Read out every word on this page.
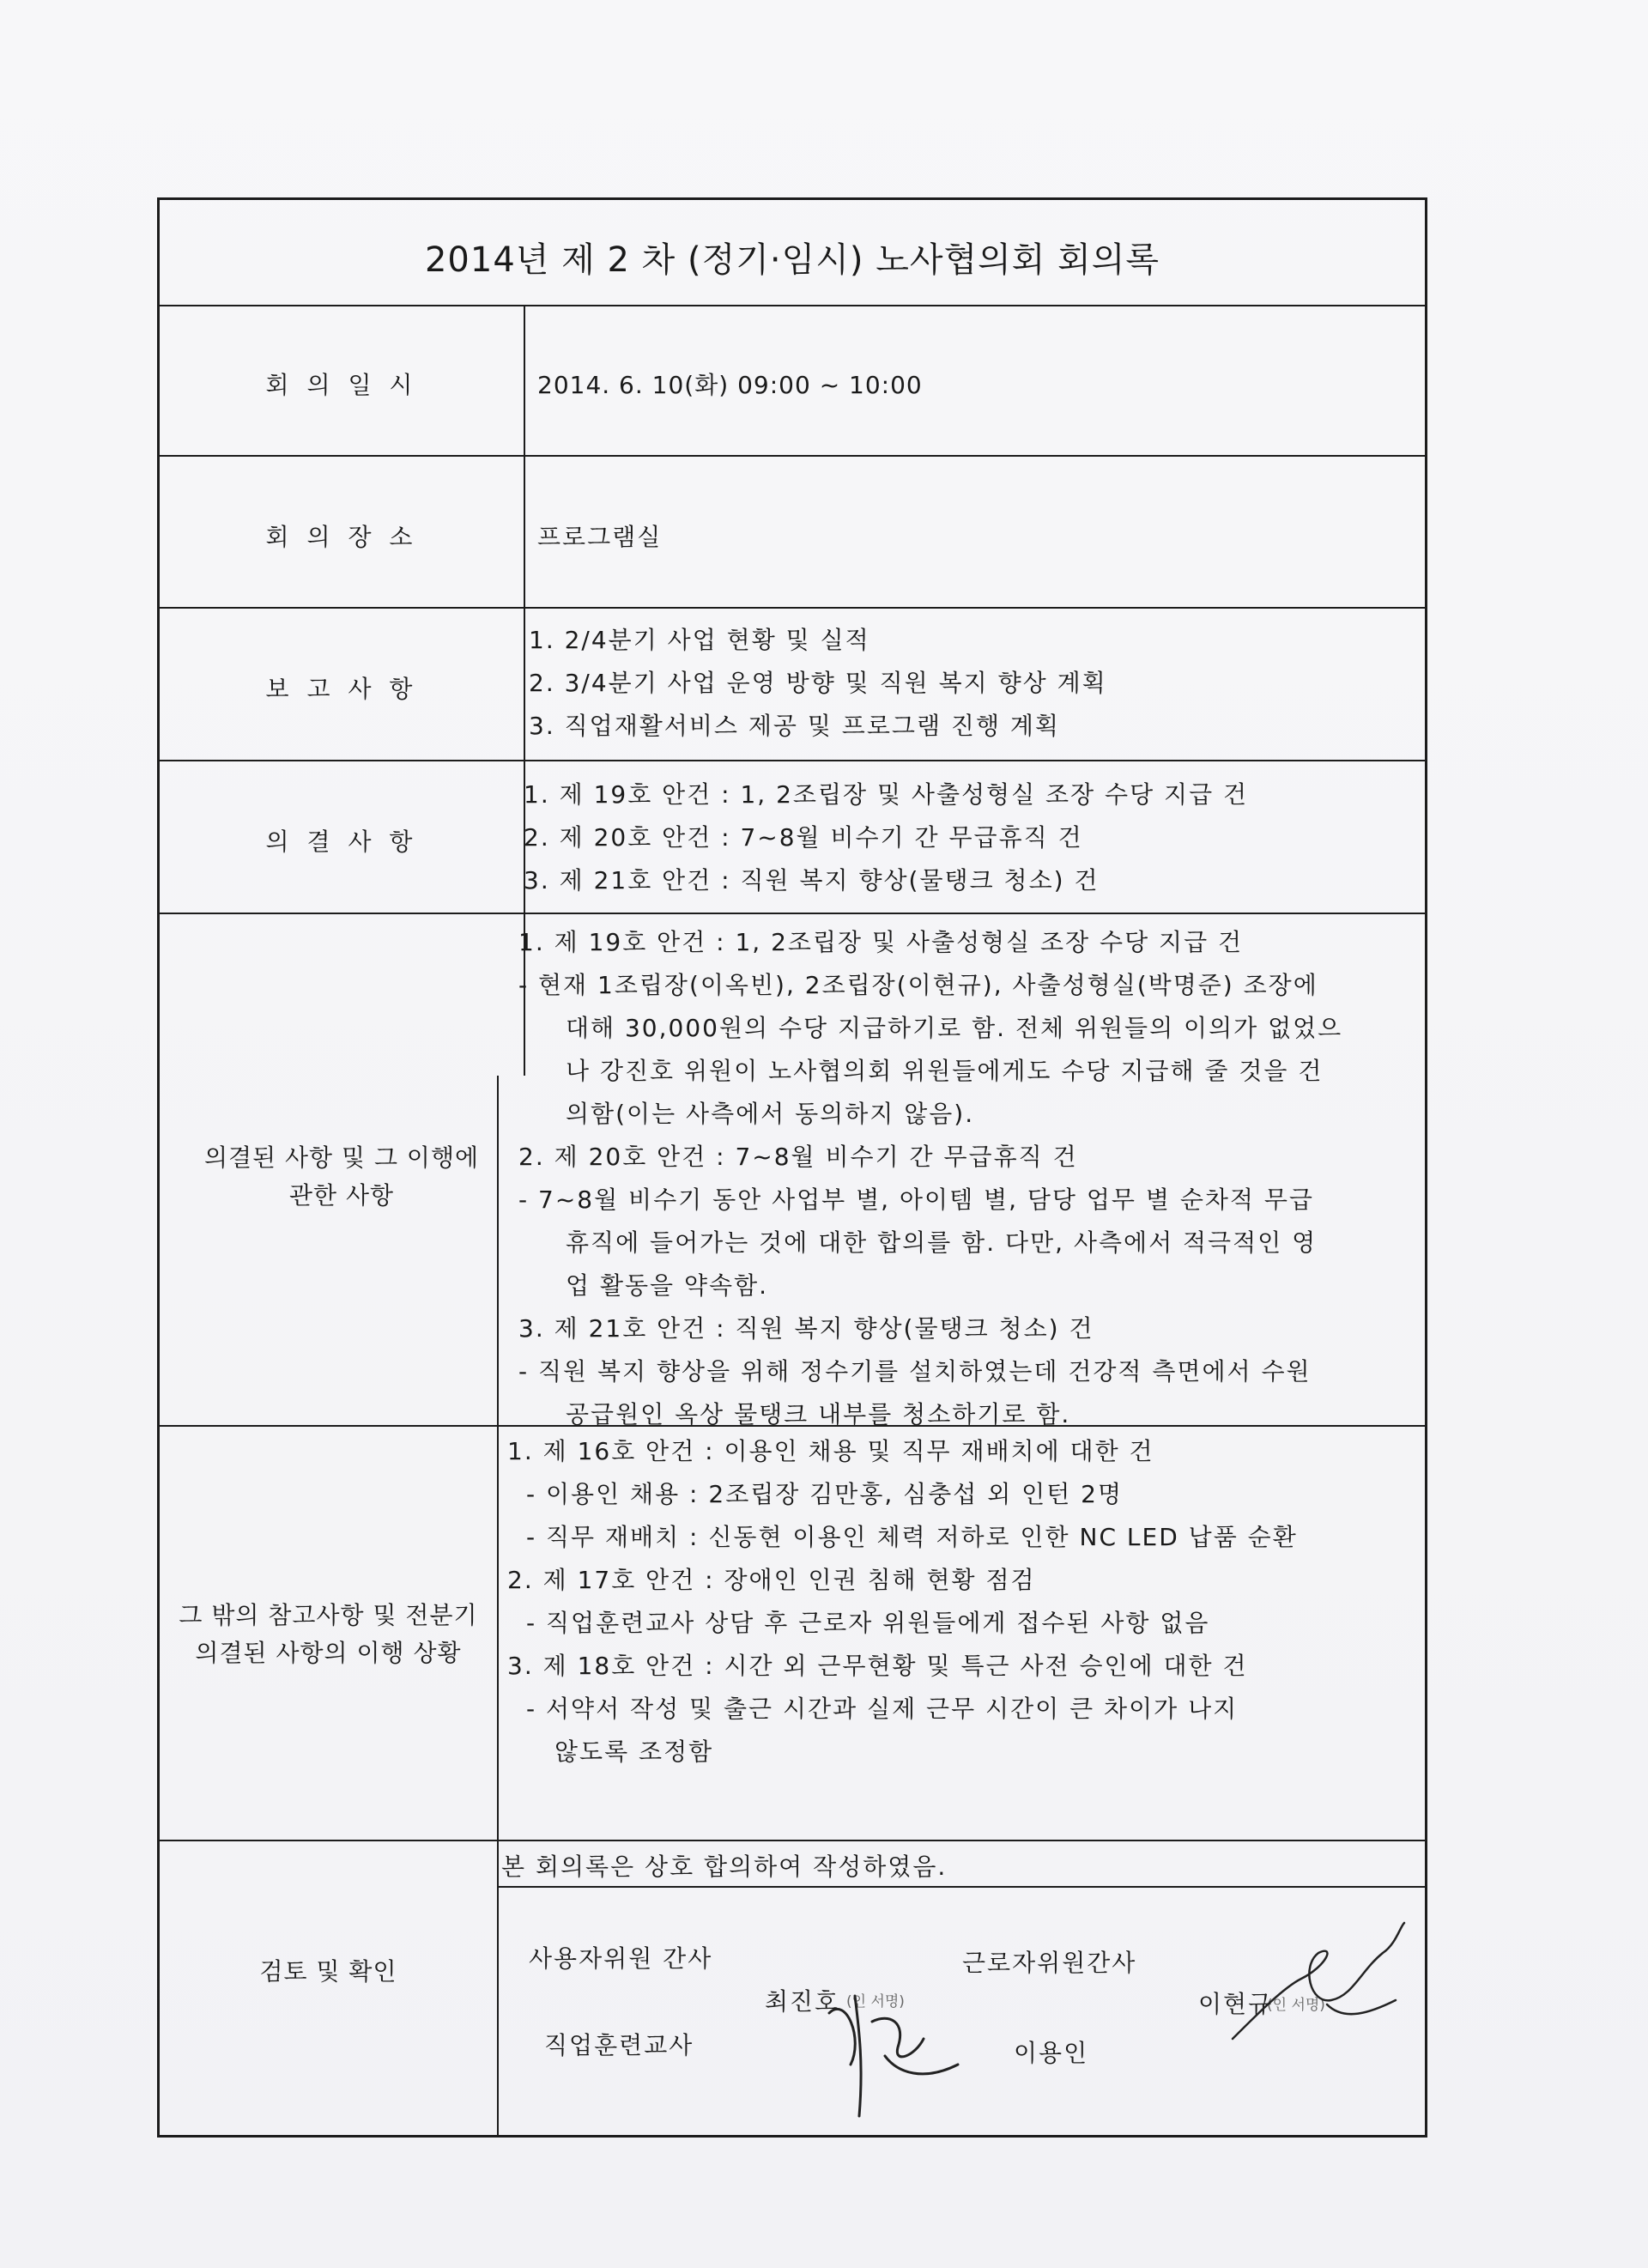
2014년 제 2 차 (정기·임시) 노사협의회 회의록
회 의 일 시	2014. 6. 10(화) 09:00 ~ 10:00
회 의 장 소	프로그램실
보 고 사 항
1. 2/4분기 사업 현황 및 실적
2. 3/4분기 사업 운영 방향 및 직원 복지 향상 계획
3. 직업재활서비스 제공 및 프로그램 진행 계획
의 결 사 항
1. 제 19호 안건 : 1, 2조립장 및 사출성형실 조장 수당 지급 건
2. 제 20호 안건 : 7~8월 비수기 간 무급휴직 건
3. 제 21호 안건 : 직원 복지 향상(물탱크 청소) 건
의결된 사항 및 그 이행에
관한 사항
1. 제 19호 안건 : 1, 2조립장 및 사출성형실 조장 수당 지급 건
- 현재 1조립장(이옥빈), 2조립장(이현규), 사출성형실(박명준) 조장에
대해 30,000원의 수당 지급하기로 함. 전체 위원들의 이의가 없었으
나 강진호 위원이 노사협의회 위원들에게도 수당 지급해 줄 것을 건
의함(이는 사측에서 동의하지 않음).
2. 제 20호 안건 : 7~8월 비수기 간 무급휴직 건
- 7~8월 비수기 동안 사업부 별, 아이템 별, 담당 업무 별 순차적 무급
휴직에 들어가는 것에 대한 합의를 함. 다만, 사측에서 적극적인 영
업 활동을 약속함.
3. 제 21호 안건 : 직원 복지 향상(물탱크 청소) 건
- 직원 복지 향상을 위해 정수기를 설치하였는데 건강적 측면에서 수원
공급원인 옥상 물탱크 내부를 청소하기로 함.
그 밖의 참고사항 및 전분기
의결된 사항의 이행 상황
1. 제 16호 안건 : 이용인 채용 및 직무 재배치에 대한 건
- 이용인 채용 : 2조립장 김만홍, 심충섭 외 인턴 2명
- 직무 재배치 : 신동현 이용인 체력 저하로 인한 NC LED 납품 순환
2. 제 17호 안건 : 장애인 인권 침해 현황 점검
- 직업훈련교사 상담 후 근로자 위원들에게 접수된 사항 없음
3. 제 18호 안건 : 시간 외 근무현황 및 특근 사전 승인에 대한 건
- 서약서 작성 및 출근 시간과 실제 근무 시간이 큰 차이가 나지
않도록 조정함
검토 및 확인
본 회의록은 상호 합의하여 작성하였음.
사용자위원 간사
직업훈련교사
최진호 (인 서명)
근로자위원간사
이용인
이현규
(인 서명)
